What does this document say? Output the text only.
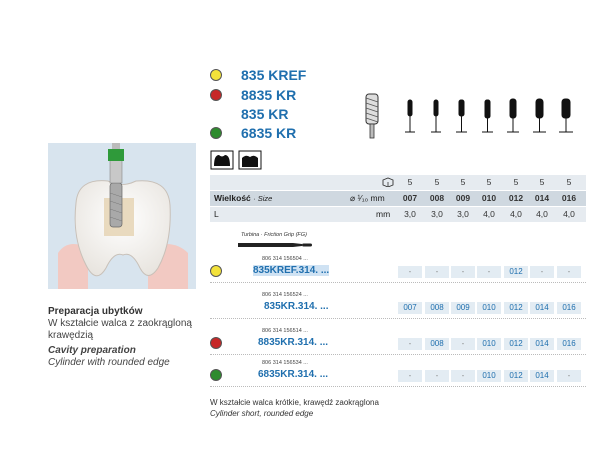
835 KREF
8835 KR
835 KR
6835 KR
Preparacja ubytków
W kształcie walca z zaokrągloną
krawędzią
Cavity preparation
Cylinder with rounded edge
5	5	5	5	5	5	5
Wielkość · Size	⌀ ¹⁄₁₀ mm	007	008	009	010	012	014	016
L	mm	3,0	3,0	3,0	4,0	4,0	4,0	4,0
Turbina · Friction Grip (FG)
806 314 156504 ...
835KREF.314. ...	-	-	-	-	012	-	-
806 314 156524 ...
835KR.314. ...	007	008	009	010	012	014	016
806 314 156514 ...
8835KR.314. ...	-	008	-	010	012	014	016
806 314 156534 ...
6835KR.314. ...	-	-	-	010	012	014	-
W kształcie walca krótkie, krawędź zaokrąglona
Cylinder short, rounded edge
